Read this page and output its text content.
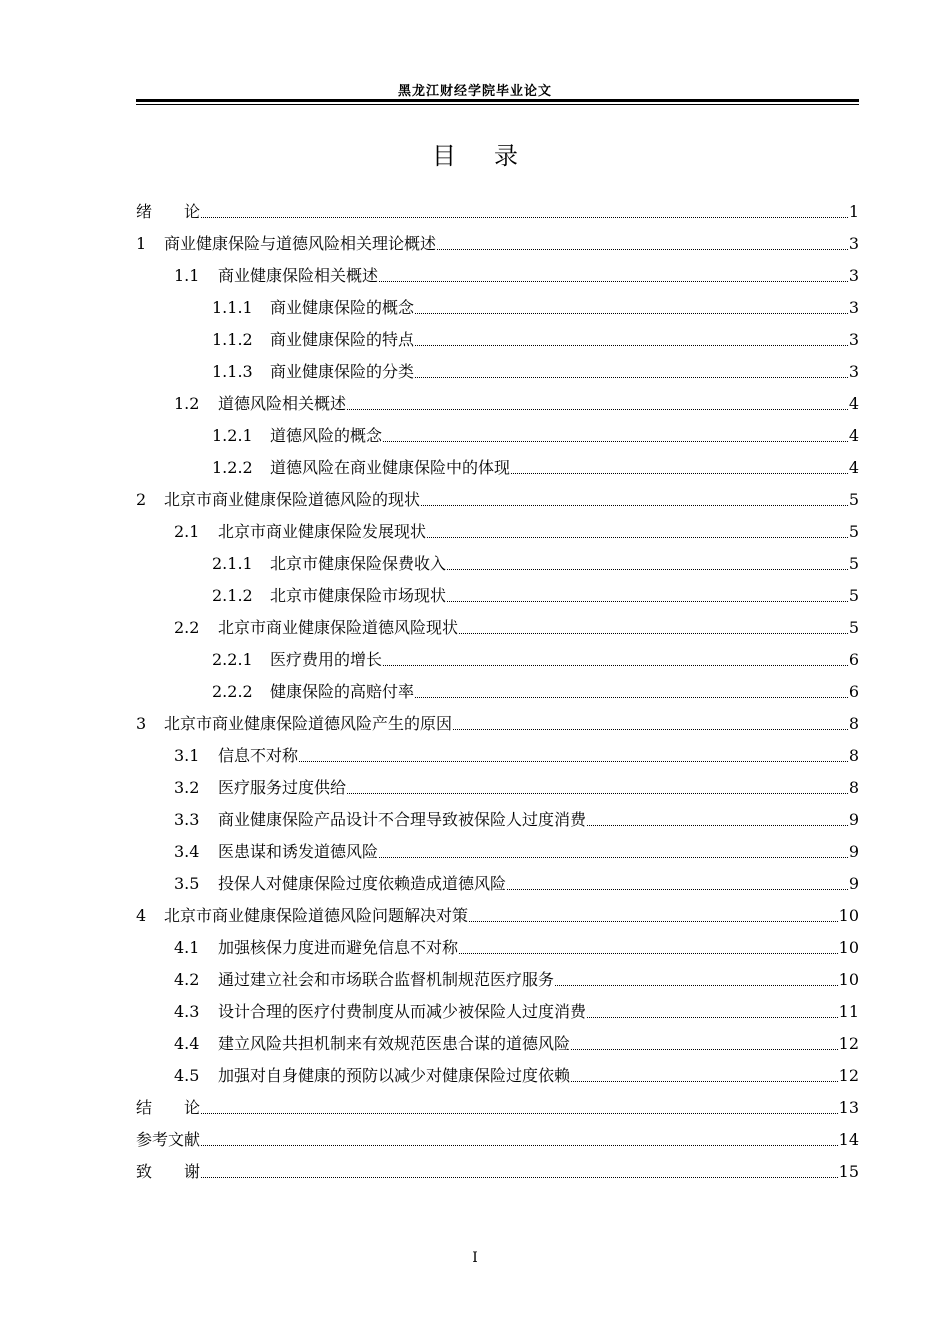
黑龙江财经学院毕业论文
目录
绪　　论	1
1	商业健康保险与道德风险相关理论概述	3
1.1	商业健康保险相关概述	3
1.1.1	商业健康保险的概念	3
1.1.2	商业健康保险的特点	3
1.1.3	商业健康保险的分类	3
1.2	道德风险相关概述	4
1.2.1	道德风险的概念	4
1.2.2	道德风险在商业健康保险中的体现	4
2	北京市商业健康保险道德风险的现状	5
2.1	北京市商业健康保险发展现状	5
2.1.1	北京市健康保险保费收入	5
2.1.2	北京市健康保险市场现状	5
2.2	北京市商业健康保险道德风险现状	5
2.2.1	医疗费用的增长	6
2.2.2	健康保险的高赔付率	6
3	北京市商业健康保险道德风险产生的原因	8
3.1	信息不对称	8
3.2	医疗服务过度供给	8
3.3	商业健康保险产品设计不合理导致被保险人过度消费	9
3.4	医患谋和诱发道德风险	9
3.5	投保人对健康保险过度依赖造成道德风险	9
4	北京市商业健康保险道德风险问题解决对策	10
4.1	加强核保力度进而避免信息不对称	10
4.2	通过建立社会和市场联合监督机制规范医疗服务	10
4.3	设计合理的医疗付费制度从而减少被保险人过度消费	11
4.4	建立风险共担机制来有效规范医患合谋的道德风险	12
4.5	加强对自身健康的预防以减少对健康保险过度依赖	12
结　　论	13
参考文献	14
致　　谢	15
I
